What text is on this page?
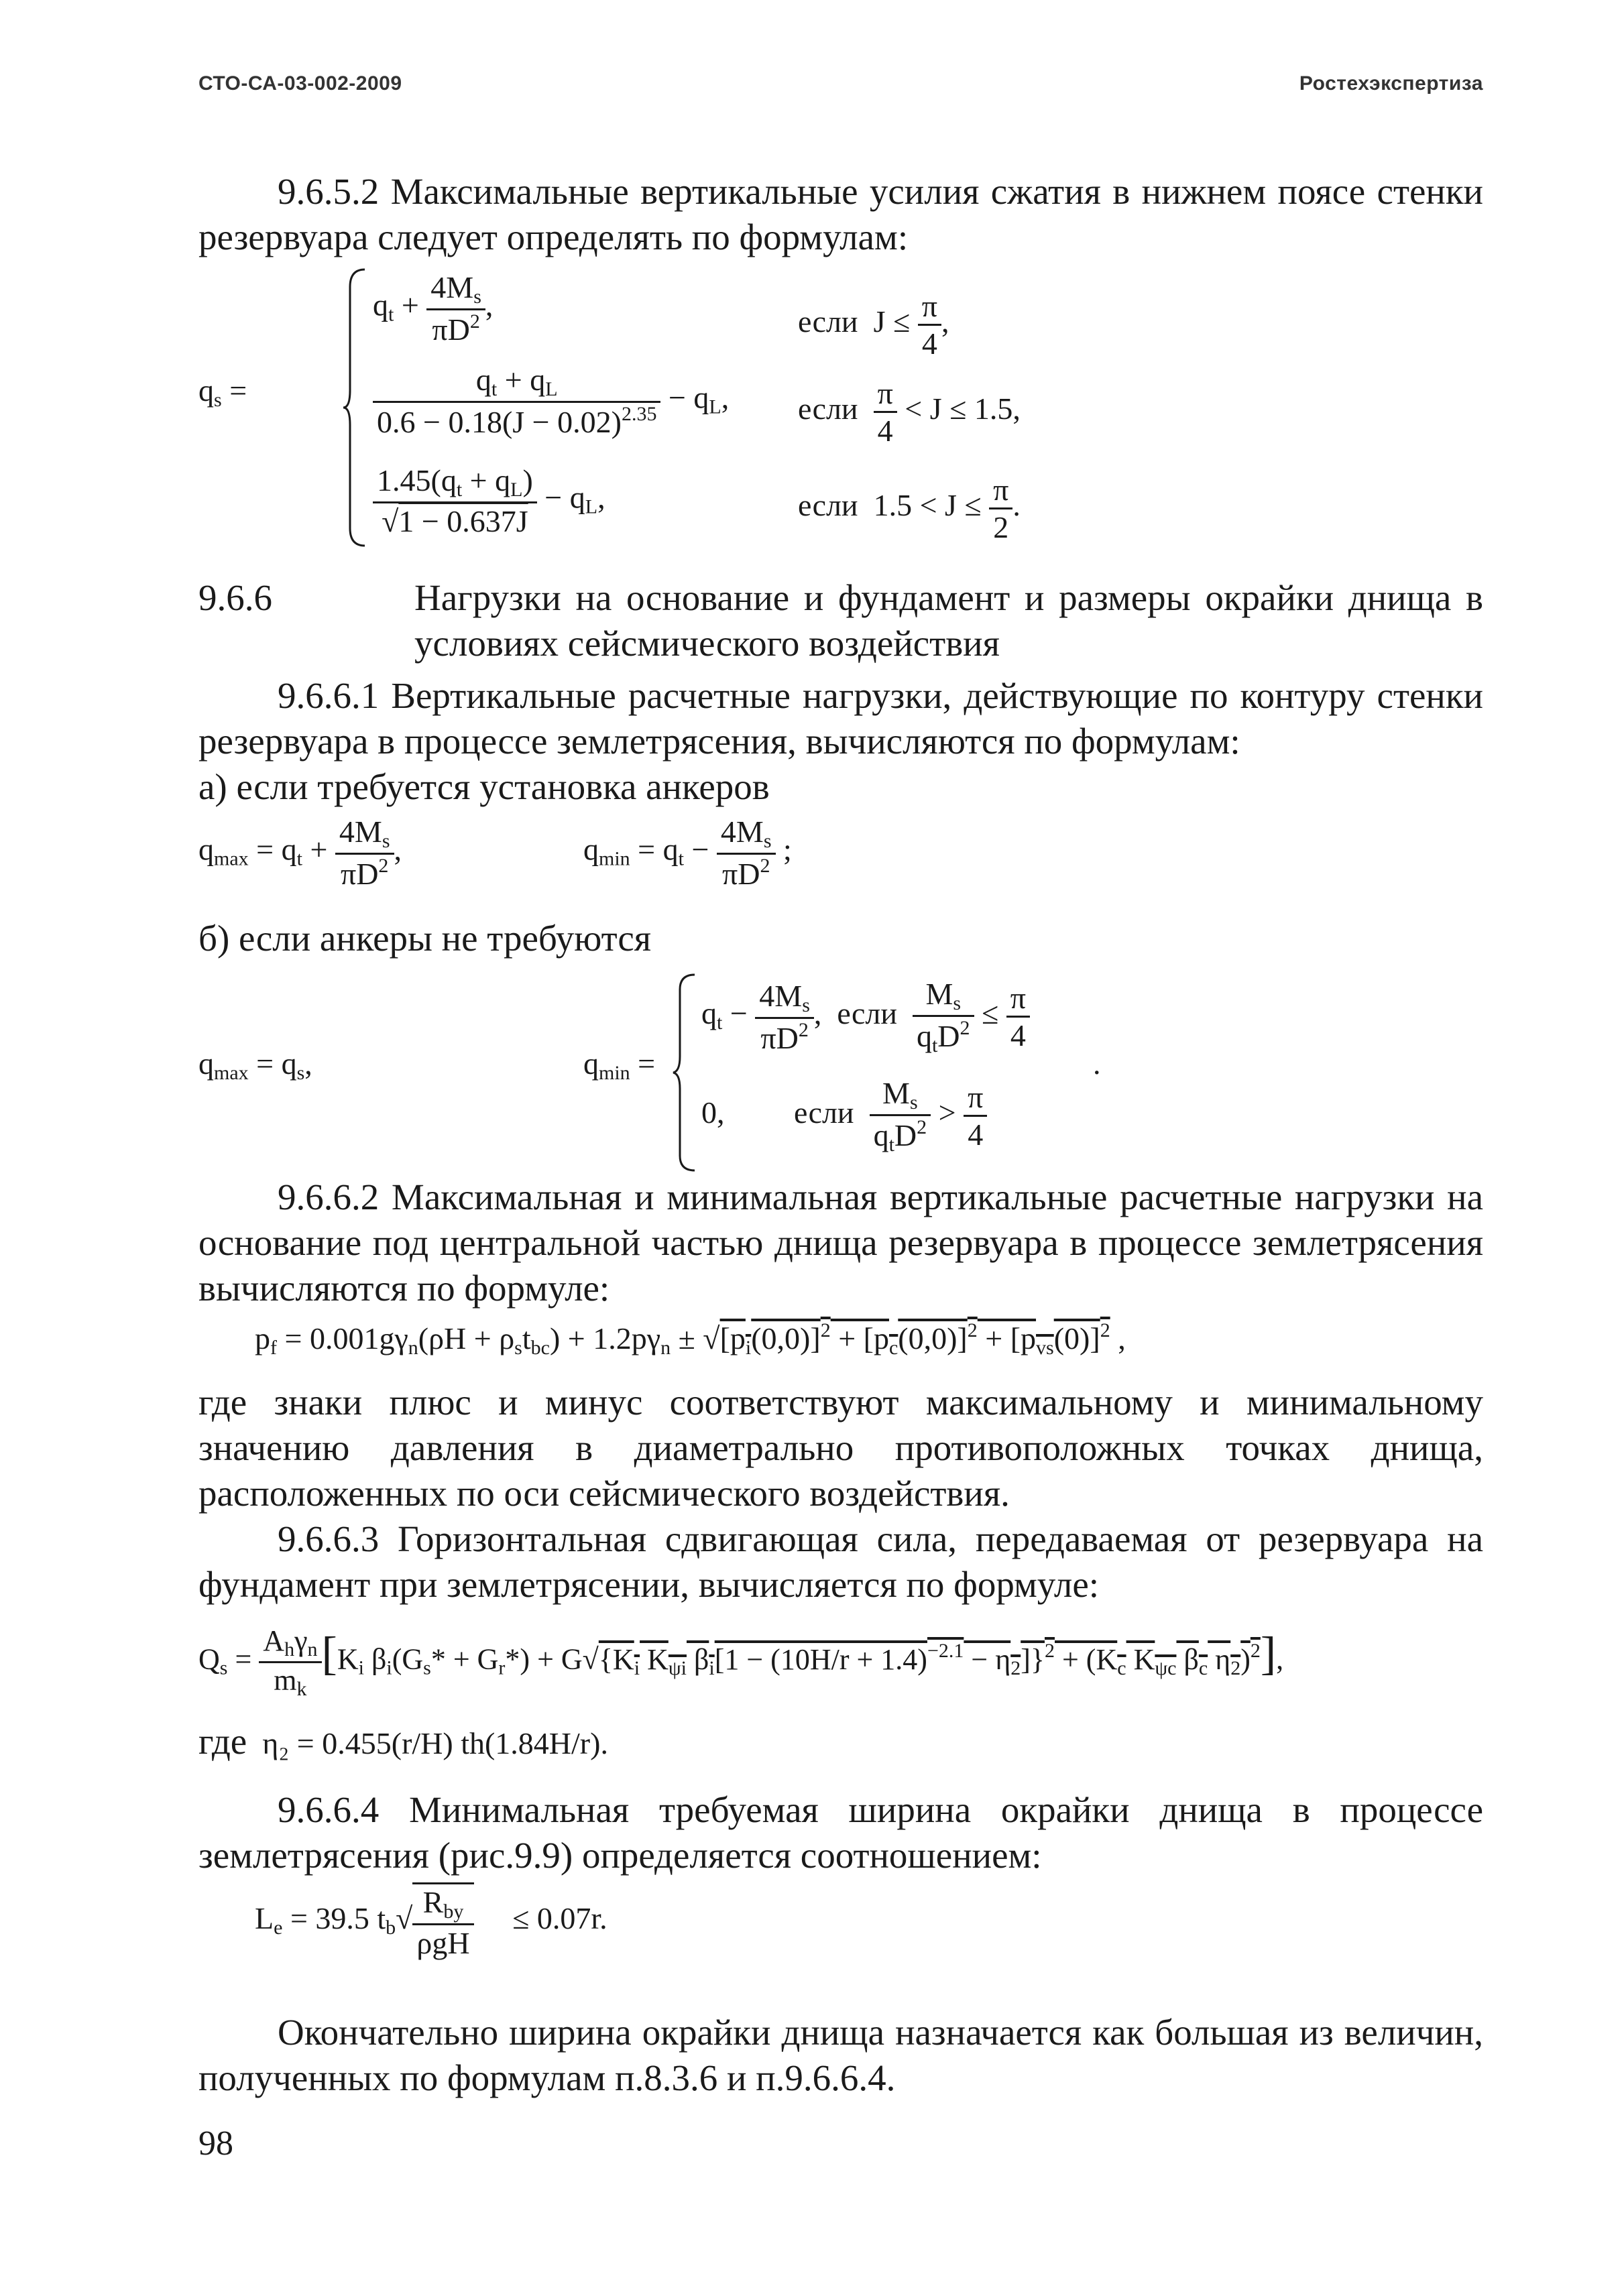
СТО-СА-03-002-2009	Ростехэкспертиза
9.6.5.2 Максимальные вертикальные усилия сжатия в нижнем поясе стенки резервуара следует определять по формулам:
$q_s$ =
$q_t + \frac{4M_s}{\pi D^2}$ ,	если  $J \le \frac{\pi}{4}$ ,
$\frac{q_t + q_L}{0.6 - 0.18(J - 0.02)^{2.35}} - q_L$, если $\frac{\pi}{4} < J \le 1.5$,
$\frac{1.45(q_t + q_L)}{√1 - 0.637J} - q_L$,	если  $1.5 < J \le \frac{\pi}{2}$ .
9.6.6	Нагрузки на основание и фундамент и размеры окрайки днища в условиях сейсмического воздействия
9.6.6.1 Вертикальные расчетные нагрузки, действующие по контуру стенки резервуара в процессе землетрясения, вычисляются по формулам:
а) если требуется установка анкеров
$q_{max} = q_t + \frac{4M_s}{\pi D^2}$ ,	$q_{min} = q_t - \frac{4M_s}{\pi D^2}$ ;
б) если анкеры не требуются
$q_{max} = q_s$,	$q_{min}$ =
$q_t - \frac{4M_s}{\pi D^2}$ ,  если $\frac{M_s}{q_tD^2} \le \frac{\pi}{4}$
0,         если $\frac{M_s}{q_tD^2} > \frac{\pi}{4}$
.
9.6.6.2 Максимальная и минимальная вертикальные расчетные нагрузки на основание под центральной частью днища резервуара в процессе землетрясения вычисляются по формуле:
$p_f = 0.001g\gamma_n(\rho H + \rho_st_{bc}) + 1.2p\gamma_n \pm √[p_i(0,0)]^2 + [p_c(0,0)]^2 + [p_{vs}(0)]^2$ ,
где знаки плюс и минус соответствуют максимальному и минимальному значению давления в диаметрально противоположных точках днища, расположенных по оси сейсмического воздействия.
9.6.6.3 Горизонтальная сдвигающая сила, передаваемая от резервуара на фундамент при землетрясении, вычисляется по формуле:
$Q_s = \frac{A_h\gamma_n}{m_k} [K_i$ $\beta_i(G_s* + G_r*) + G√\{K_i$ $K_{\psi i}$ $\beta_i[1 - (10H/r + 1.4)^{-2.1} - \eta_2]\}^2 + (K_c$ $K_{\psi c}$ $\beta_c$ $\eta_2)^2$],
где η₂ = 0.455(r/H) th(1.84H/r).
9.6.6.4 Минимальная требуемая ширина окрайки днища в процессе землетрясения (рис.9.9) определяется соотношением:
$L_e = 39.5$ $t_b√ \frac{R_{by}}{\text{ρgH}} \le 0.07r$.
Окончательно ширина окрайки днища назначается как большая из величин, полученных по формулам п.8.3.6 и п.9.6.6.4.
98
